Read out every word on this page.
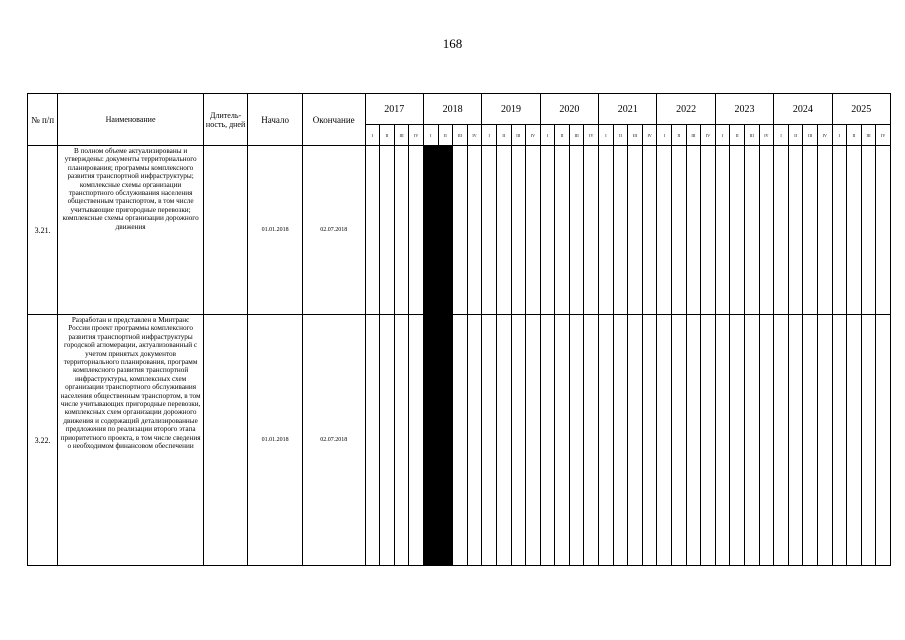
168
№ п/п	Наименование	Длитель-ность, дней	Начало	Окончание	2017				2018				2019				2020				2021				2022				2023				2024				2025			
					I	II	III	IV	I	II	III	IV	I	II	III	IV	I	II	III	IV	I	II	III	IV	I	II	III	IV	I	II	III	IV	I	II	III	IV	I	II	III	IV
3.21.	В полном объеме актуализированы и утверждены: документы территориального планирования; программы комплексного развития транспортной инфраструктуры; комплексные схемы организации транспортного обслуживания населения общественным транспортом, в том числе учитывающие пригородные перевозки; комплексные схемы организации дорожного движения		01.01.2018	02.07.2018																																				
3.22.	Разработан и представлен в Минтранс России проект программы комплексного развития транспортной инфраструктуры городской агломерации, актуализованный с учетом принятых документов территориального планирования, программ комплексного развития транспортной инфраструктуры, комплексных схем организации транспортного обслуживания населения общественным транспортом, в том числе учитывающих пригородные перевозки, комплексных схем организации дорожного движения и содержащий детализированные предложения по реализации второго этапа приоритетного проекта, в том числе сведения о необходимом финансовом обеспечении		01.01.2018	02.07.2018																																				
